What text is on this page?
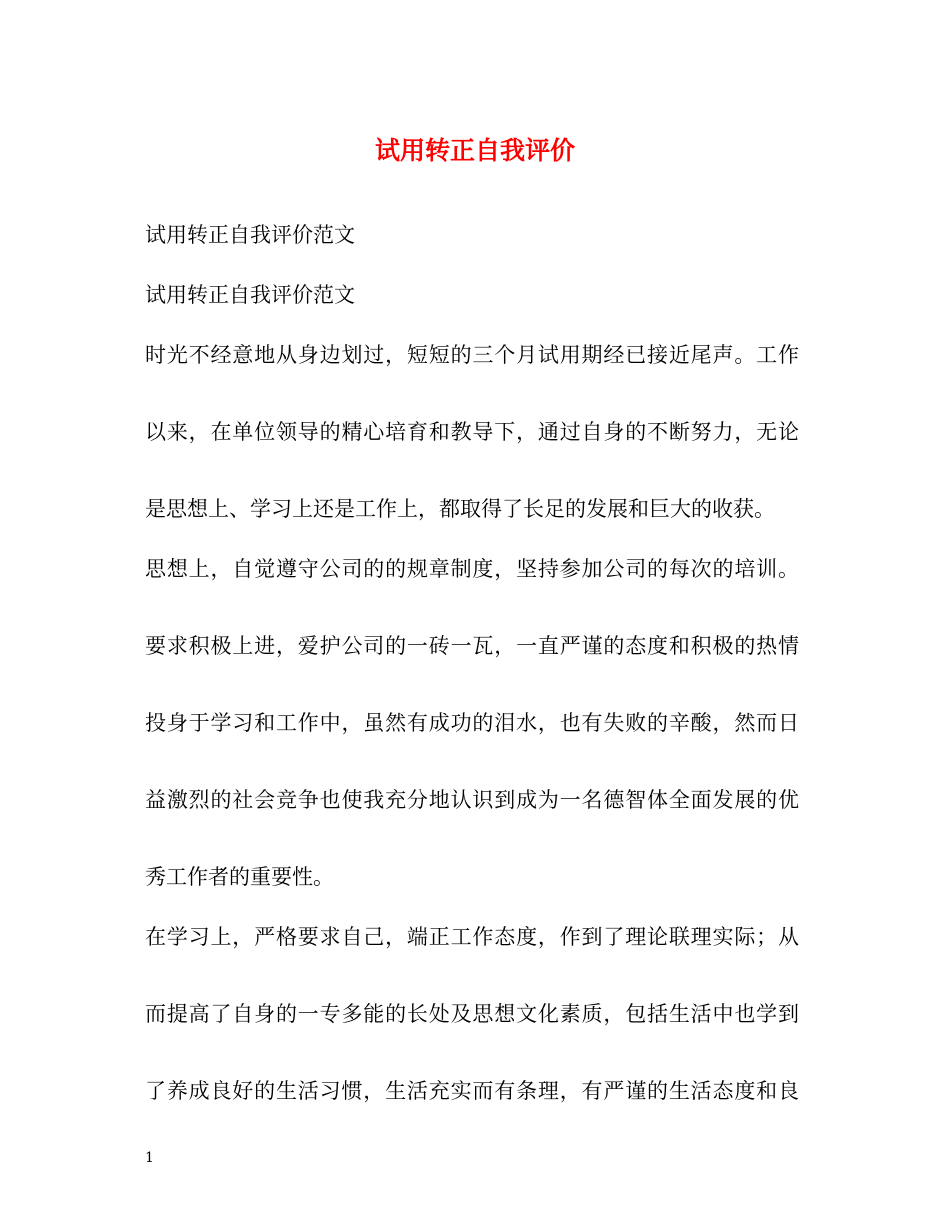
试用转正自我评价

试用转正自我评价范文

试用转正自我评价范文

时光不经意地从身边划过，短短的三个月试用期经已接近尾声。工作
以来，在单位领导的精心培育和教导下，通过自身的不断努力，无论
是思想上、学习上还是工作上，都取得了长足的发展和巨大的收获。

思想上，自觉遵守公司的的规章制度，坚持参加公司的每次的培训。
要求积极上进，爱护公司的一砖一瓦，一直严谨的态度和积极的热情
投身于学习和工作中，虽然有成功的泪水，也有失败的辛酸，然而日
益激烈的社会竞争也使我充分地认识到成为一名德智体全面发展的优
秀工作者的重要性。

在学习上，严格要求自己，端正工作态度，作到了理论联理实际；从
而提高了自身的一专多能的长处及思想文化素质，包括生活中也学到
了养成良好的生活习惯，生活充实而有条理，有严谨的生活态度和良

1
